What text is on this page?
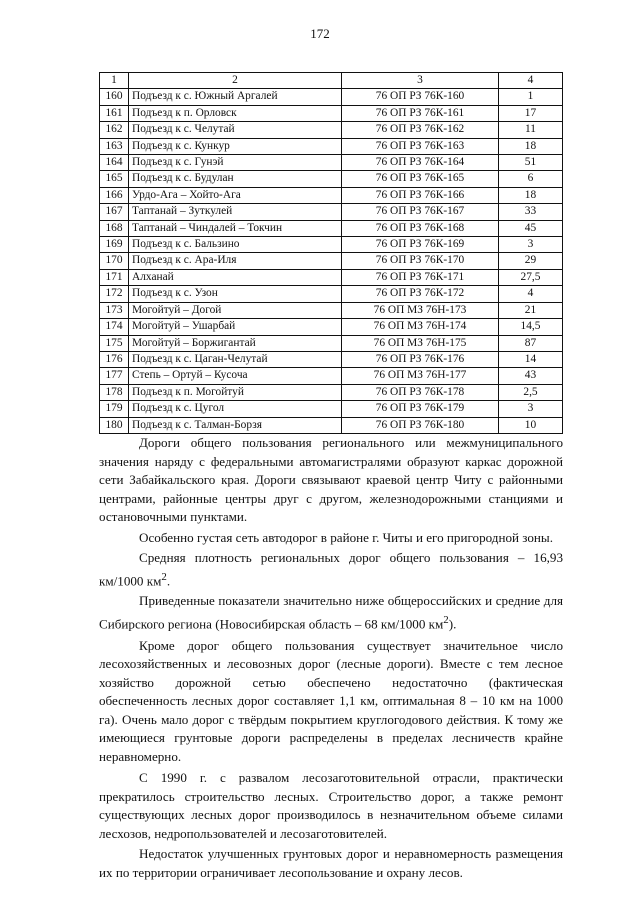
172
1	2	3	4
160	Подъезд к с. Южный Аргалей	76 ОП РЗ 76К-160	1
161	Подъезд к п. Орловск	76 ОП РЗ 76К-161	17
162	Подъезд к с. Челутай	76 ОП РЗ 76К-162	11
163	Подъезд к с. Кункур	76 ОП РЗ 76К-163	18
164	Подъезд к с. Гунэй	76 ОП РЗ 76К-164	51
165	Подъезд к с. Будулан	76 ОП РЗ 76К-165	6
166	Урдо-Ага – Хойто-Ага	76 ОП РЗ 76К-166	18
167	Таптанай – Зуткулей	76 ОП РЗ 76К-167	33
168	Таптанай – Чиндалей – Токчин	76 ОП РЗ 76К-168	45
169	Подъезд к с. Бальзино	76 ОП РЗ 76К-169	3
170	Подъезд к с. Ара-Иля	76 ОП РЗ 76К-170	29
171	Алханай	76 ОП РЗ 76К-171	27,5
172	Подъезд к с. Узон	76 ОП РЗ 76К-172	4
173	Могойтуй – Догой	76 ОП МЗ 76Н-173	21
174	Могойтуй – Ушарбай	76 ОП МЗ 76Н-174	14,5
175	Могойтуй – Боржигантай	76 ОП МЗ 76Н-175	87
176	Подъезд к с. Цаган-Челутай	76 ОП РЗ 76К-176	14
177	Степь – Ортуй – Кусоча	76 ОП МЗ 76Н-177	43
178	Подъезд к п. Могойтуй	76 ОП РЗ 76К-178	2,5
179	Подъезд к с. Цугол	76 ОП РЗ 76К-179	3
180	Подъезд к с. Талман-Борзя	76 ОП РЗ 76К-180	10

Дороги общего пользования регионального или межмуниципального значения наряду с федеральными автомагистралями образуют каркас дорожной сети Забайкальского края. Дороги связывают краевой центр Читу с районными центрами, районные центры друг с другом, железнодорожными станциями и остановочными пунктами.

Особенно густая сеть автодорог в районе г. Читы и его пригородной зоны.

Средняя плотность региональных дорог общего пользования – 16,93 км/1000 $км^2$.

Приведенные показатели значительно ниже общероссийских и средние для Сибирского региона (Новосибирская область – 68 км/1000 $км^2$).

Кроме дорог общего пользования существует значительное число лесохозяйственных и лесовозных дорог (лесные дороги). Вместе с тем лесное хозяйство дорожной сетью обеспечено недостаточно (фактическая обеспеченность лесных дорог составляет 1,1 км, оптимальная 8 – 10 км на 1000 га). Очень мало дорог с твёрдым покрытием круглогодового действия. К тому же имеющиеся грунтовые дороги распределены в пределах лесничеств крайне неравномерно.

С 1990 г. с развалом лесозаготовительной отрасли, практически прекратилось строительство лесных. Строительство дорог, а также ремонт существующих лесных дорог производилось в незначительном объеме силами лесхозов, недропользователей и лесозаготовителей.

Недостаток улучшенных грунтовых дорог и неравномерность размещения их по территории ограничивает лесопользование и охрану лесов.
